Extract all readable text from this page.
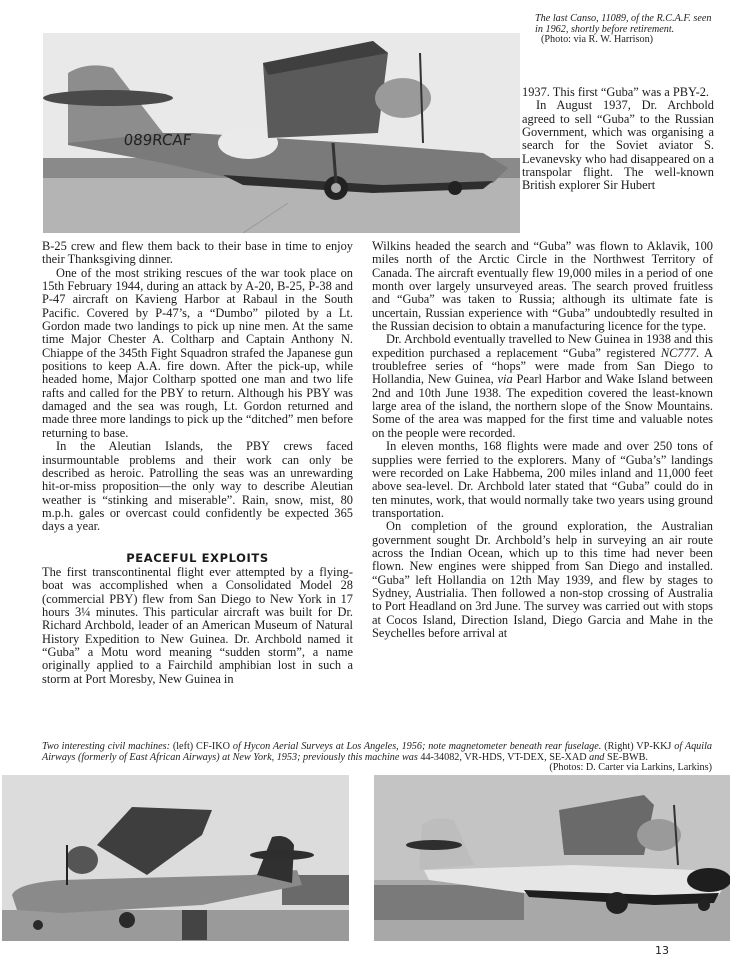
089RCAF
The last Canso, 11089, of the R.C.A.F. seen in 1962, shortly before retirement.
(Photo: via R. W. Harrison)

1937. This first “Guba” was a PBY-2.

In August 1937, Dr. Archbold agreed to sell “Guba” to the Russian Government, which was organising a search for the Soviet aviator S. Levanevsky who had disappeared on a transpolar flight. The well-known British explorer Sir Hubert

B-25 crew and flew them back to their base in time to enjoy their Thanksgiving dinner.

One of the most striking rescues of the war took place on 15th February 1944, during an attack by A-20, B-25, P-38 and P-47 aircraft on Kavieng Harbor at Rabaul in the South Pacific. Covered by P-47’s, a “Dumbo” piloted by a Lt. Gordon made two landings to pick up nine men. At the same time Major Chester A. Coltharp and Captain Anthony N. Chiappe of the 345th Fight Squadron strafed the Japanese gun positions to keep A.A. fire down. After the pick-up, while headed home, Major Coltharp spotted one man and two life rafts and called for the PBY to return. Although his PBY was damaged and the sea was rough, Lt. Gordon returned and made three more landings to pick up the “ditched” men before returning to base.

In the Aleutian Islands, the PBY crews faced insurmountable problems and their work can only be described as heroic. Patrolling the seas was an unrewarding hit-or-miss proposition—the only way to describe Aleutian weather is “stinking and miserable”. Rain, snow, mist, 80 m.p.h. gales or overcast could confidently be expected 365 days a year.

PEACEFUL EXPLOITS

The first transcontinental flight ever attempted by a flying-boat was accomplished when a Consolidated Model 28 (commercial PBY) flew from San Diego to New York in 17 hours 3¼ minutes. This particular aircraft was built for Dr. Richard Archbold, leader of an American Museum of Natural History Expedition to New Guinea. Dr. Archbold named it “Guba” a Motu word meaning “sudden storm”, a name originally applied to a Fairchild amphibian lost in such a storm at Port Moresby, New Guinea in

Wilkins headed the search and “Guba” was flown to Aklavik, 100 miles north of the Arctic Circle in the Northwest Territory of Canada. The aircraft eventually flew 19,000 miles in a period of one month over largely unsurveyed areas. The search proved fruitless and “Guba” was taken to Russia; although its ultimate fate is uncertain, Russian experience with “Guba” undoubtedly resulted in the Russian decision to obtain a manufacturing licence for the type.

Dr. Archbold eventually travelled to New Guinea in 1938 and this expedition purchased a replacement “Guba” registered NC777. A troublefree series of “hops” were made from San Diego to Hollandia, New Guinea, via Pearl Harbor and Wake Island between 2nd and 10th June 1938. The expedition covered the least-known large area of the island, the northern slope of the Snow Mountains. Some of the area was mapped for the first time and valuable notes on the people were recorded.

In eleven months, 168 flights were made and over 250 tons of supplies were ferried to the explorers. Many of “Guba’s” landings were recorded on Lake Habbema, 200 miles inland and 11,000 feet above sea-level. Dr. Archbold later stated that “Guba” could do in ten minutes, work, that would normally take two years using ground transportation.

On completion of the ground exploration, the Australian government sought Dr. Archbold’s help in surveying an air route across the Indian Ocean, which up to this time had never been flown. New engines were shipped from San Diego and installed. “Guba” left Hollandia on 12th May 1939, and flew by stages to Sydney, Austrialia. Then followed a non-stop crossing of Australia to Port Headland on 3rd June. The survey was carried out with stops at Cocos Island, Direction Island, Diego Garcia and Mahe in the Seychelles before arrival at

Two interesting civil machines: (left) CF-IKO of Hycon Aerial Surveys at Los Angeles, 1956; note magnetometer beneath rear fuselage. (Right) VP-KKJ of Aquila Airways (formerly of East African Airways) at New York, 1953; previously this machine was 44-34082, VR-HDS, VT-DEX, SE-XAD and SE-BWB.
(Photos: D. Carter via Larkins, Larkins)
13
